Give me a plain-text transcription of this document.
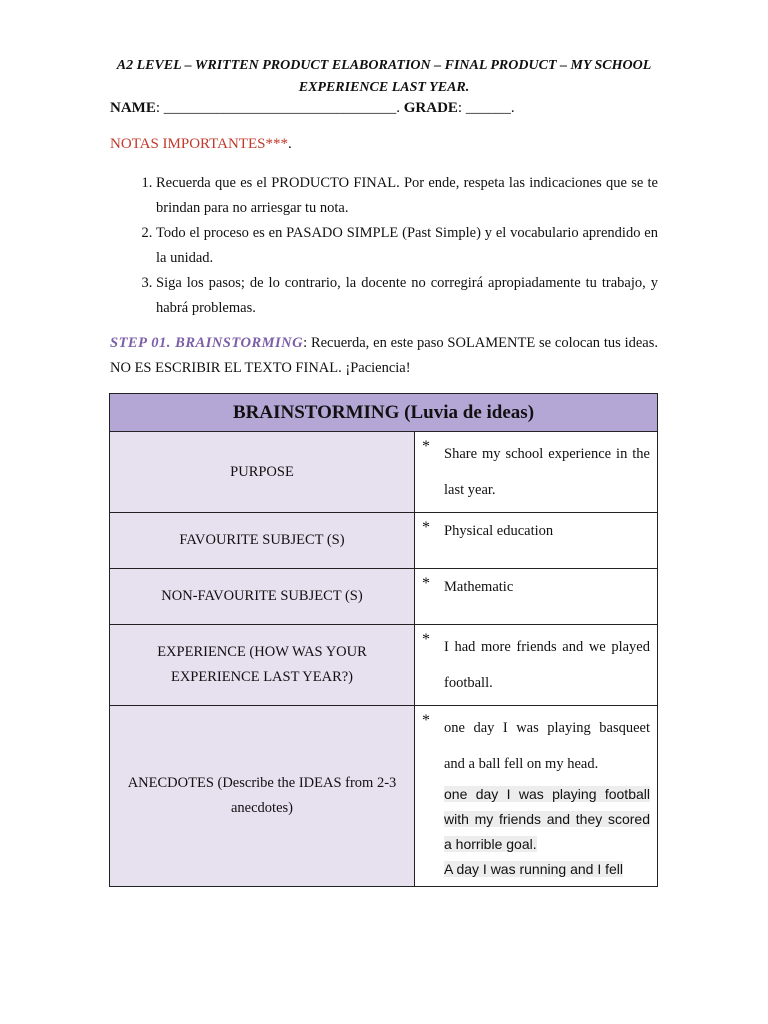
A2 LEVEL – WRITTEN PRODUCT ELABORATION – FINAL PRODUCT – MY SCHOOL EXPERIENCE LAST YEAR.
NAME: _______________________________. GRADE: ______.
NOTAS IMPORTANTES***.
1. Recuerda que es el PRODUCTO FINAL. Por ende, respeta las indicaciones que se te brindan para no arriesgar tu nota.
2. Todo el proceso es en PASADO SIMPLE (Past Simple) y el vocabulario aprendido en la unidad.
3. Siga los pasos; de lo contrario, la docente no corregirá apropiadamente tu trabajo, y habrá problemas.
STEP 01. BRAINSTORMING: Recuerda, en este paso SOLAMENTE se colocan tus ideas. NO ES ESCRIBIR EL TEXTO FINAL. ¡Paciencia!
BRAINSTORMING (Luvia de ideas)	
PURPOSE	* Share my school experience in the last year.

FAVOURITE SUBJECT (S)	* Physical education

NON-FAVOURITE SUBJECT (S)	* Mathematic

EXPERIENCE (HOW WAS YOUR EXPERIENCE LAST YEAR?)	* I had more friends and we played football.

ANECDOTES (Describe the IDEAS from 2-3 anecdotes)	* one day I was playing basqueet and a ball fell on my head.
one day I was playing football with my friends and they scored a horrible goal.
A day I was running and I fell
